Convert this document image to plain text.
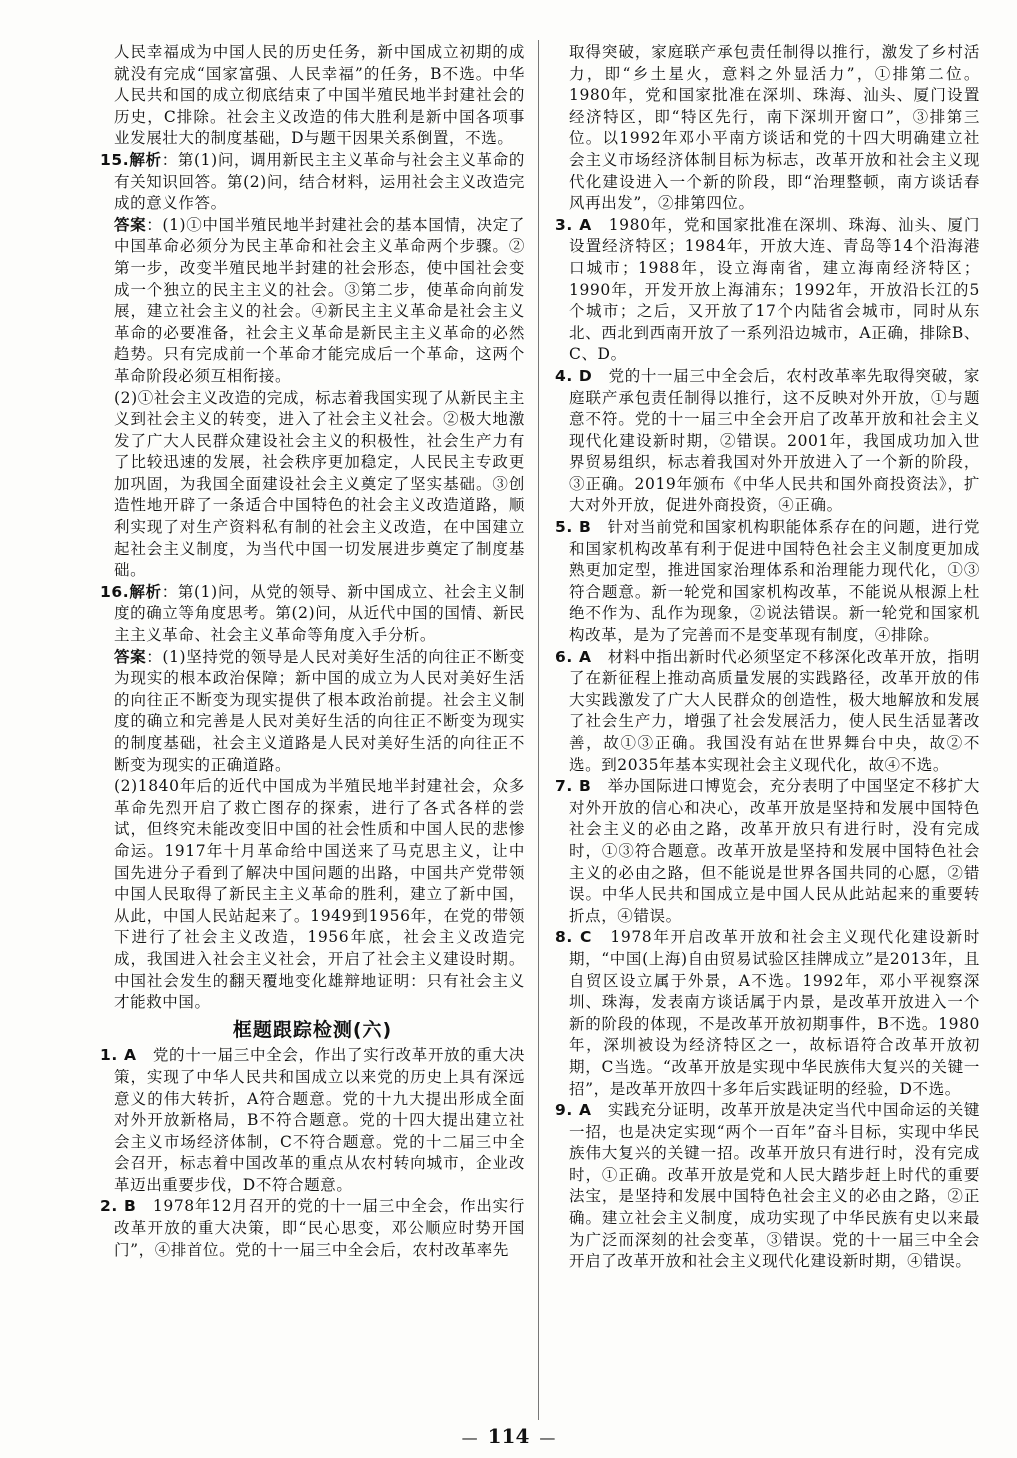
人民幸福成为中国人民的历史任务，新中国成立初期的成就没有完成“国家富强、人民幸福”的任务，B不选。中华人民共和国的成立彻底结束了中国半殖民地半封建社会的历史，C排除。社会主义改造的伟大胜利是新中国各项事业发展壮大的制度基础，D与题干因果关系倒置，不选。

15.解析：第(1)问，调用新民主主义革命与社会主义革命的有关知识回答。第(2)问，结合材料，运用社会主义改造完成的意义作答。

答案：(1)①中国半殖民地半封建社会的基本国情，决定了中国革命必须分为民主革命和社会主义革命两个步骤。②第一步，改变半殖民地半封建的社会形态，使中国社会变成一个独立的民主主义的社会。③第二步，使革命向前发展，建立社会主义的社会。④新民主主义革命是社会主义革命的必要准备，社会主义革命是新民主主义革命的必然趋势。只有完成前一个革命才能完成后一个革命，这两个革命阶段必须互相衔接。

(2)①社会主义改造的完成，标志着我国实现了从新民主主义到社会主义的转变，进入了社会主义社会。②极大地激发了广大人民群众建设社会主义的积极性，社会生产力有了比较迅速的发展，社会秩序更加稳定，人民民主专政更加巩固，为我国全面建设社会主义奠定了坚实基础。③创造性地开辟了一条适合中国特色的社会主义改造道路，顺利实现了对生产资料私有制的社会主义改造，在中国建立起社会主义制度，为当代中国一切发展进步奠定了制度基础。

16.解析：第(1)问，从党的领导、新中国成立、社会主义制度的确立等角度思考。第(2)问，从近代中国的国情、新民主主义革命、社会主义革命等角度入手分析。

答案：(1)坚持党的领导是人民对美好生活的向往正不断变为现实的根本政治保障；新中国的成立为人民对美好生活的向往正不断变为现实提供了根本政治前提。社会主义制度的确立和完善是人民对美好生活的向往正不断变为现实的制度基础，社会主义道路是人民对美好生活的向往正不断变为现实的正确道路。

(2)1840年后的近代中国成为半殖民地半封建社会，众多革命先烈开启了救亡图存的探索，进行了各式各样的尝试，但终究未能改变旧中国的社会性质和中国人民的悲惨命运。1917年十月革命给中国送来了马克思主义，让中国先进分子看到了解决中国问题的出路，中国共产党带领中国人民取得了新民主主义革命的胜利，建立了新中国，从此，中国人民站起来了。1949到1956年，在党的带领下进行了社会主义改造，1956年底，社会主义改造完成，我国进入社会主义社会，开启了社会主义建设时期。中国社会发生的翻天覆地变化雄辩地证明：只有社会主义才能救中国。

框题跟踪检测(六)
1. A　 党的十一届三中全会，作出了实行改革开放的重大决策，实现了中华人民共和国成立以来党的历史上具有深远意义的伟大转折，A符合题意。党的十九大提出形成全面对外开放新格局，B不符合题意。党的十四大提出建立社会主义市场经济体制，C不符合题意。党的十二届三中全会召开，标志着中国改革的重点从农村转向城市，企业改革迈出重要步伐，D不符合题意。
2. B　 1978年12月召开的党的十一届三中全会，作出实行改革开放的重大决策，即“民心思变，邓公顺应时势开国门”，④排首位。党的十一届三中全会后，农村改革率先

取得突破，家庭联产承包责任制得以推行，激发了乡村活力，即“乡土星火，意料之外显活力”，①排第二位。1980年，党和国家批准在深圳、珠海、汕头、厦门设置经济特区，即“特区先行，南下深圳开窗口”，③排第三位。以1992年邓小平南方谈话和党的十四大明确建立社会主义市场经济体制目标为标志，改革开放和社会主义现代化建设进入一个新的阶段，即“治理整顿，南方谈话春风再出发”，②排第四位。

3. A　 1980年，党和国家批准在深圳、珠海、汕头、厦门设置经济特区；1984年，开放大连、青岛等14个沿海港口城市；1988年，设立海南省，建立海南经济特区；1990年，开发开放上海浦东；1992年，开放沿长江的5个城市；之后，又开放了17个内陆省会城市，同时从东北、西北到西南开放了一系列沿边城市，A正确，排除B、C、D。
4. D　 党的十一届三中全会后，农村改革率先取得突破，家庭联产承包责任制得以推行，这不反映对外开放，①与题意不符。党的十一届三中全会开启了改革开放和社会主义现代化建设新时期，②错误。2001年，我国成功加入世界贸易组织，标志着我国对外开放进入了一个新的阶段，③正确。2019年颁布《中华人民共和国外商投资法》，扩大对外开放，促进外商投资，④正确。
5. B　 针对当前党和国家机构职能体系存在的问题，进行党和国家机构改革有利于促进中国特色社会主义制度更加成熟更加定型，推进国家治理体系和治理能力现代化，①③符合题意。新一轮党和国家机构改革，不能说从根源上杜绝不作为、乱作为现象，②说法错误。新一轮党和国家机构改革，是为了完善而不是变革现有制度，④排除。
6. A　 材料中指出新时代必须坚定不移深化改革开放，指明了在新征程上推动高质量发展的实践路径，改革开放的伟大实践激发了广大人民群众的创造性，极大地解放和发展了社会生产力，增强了社会发展活力，使人民生活显著改善，故①③正确。我国没有站在世界舞台中央，故②不选。到2035年基本实现社会主义现代化，故④不选。
7. B　 举办国际进口博览会，充分表明了中国坚定不移扩大对外开放的信心和决心，改革开放是坚持和发展中国特色社会主义的必由之路，改革开放只有进行时，没有完成时，①③符合题意。改革开放是坚持和发展中国特色社会主义的必由之路，但不能说是世界各国共同的心愿，②错误。中华人民共和国成立是中国人民从此站起来的重要转折点，④错误。
8. C　 1978年开启改革开放和社会主义现代化建设新时期，“中国(上海)自由贸易试验区挂牌成立”是2013年，且自贸区设立属于外景，A不选。1992年，邓小平视察深圳、珠海，发表南方谈话属于内景，是改革开放进入一个新的阶段的体现，不是改革开放初期事件，B不选。1980年，深圳被设为经济特区之一，故标语符合改革开放初期，C当选。“改革开放是实现中华民族伟大复兴的关键一招”，是改革开放四十多年后实践证明的经验，D不选。
9. A　 实践充分证明，改革开放是决定当代中国命运的关键一招，也是决定实现“两个一百年”奋斗目标，实现中华民族伟大复兴的关键一招。改革开放只有进行时，没有完成时，①正确。改革开放是党和人民大踏步赶上时代的重要法宝，是坚持和发展中国特色社会主义的必由之路，②正确。建立社会主义制度，成功实现了中华民族有史以来最为广泛而深刻的社会变革，③错误。党的十一届三中全会开启了改革开放和社会主义现代化建设新时期，④错误。
— 114 —
